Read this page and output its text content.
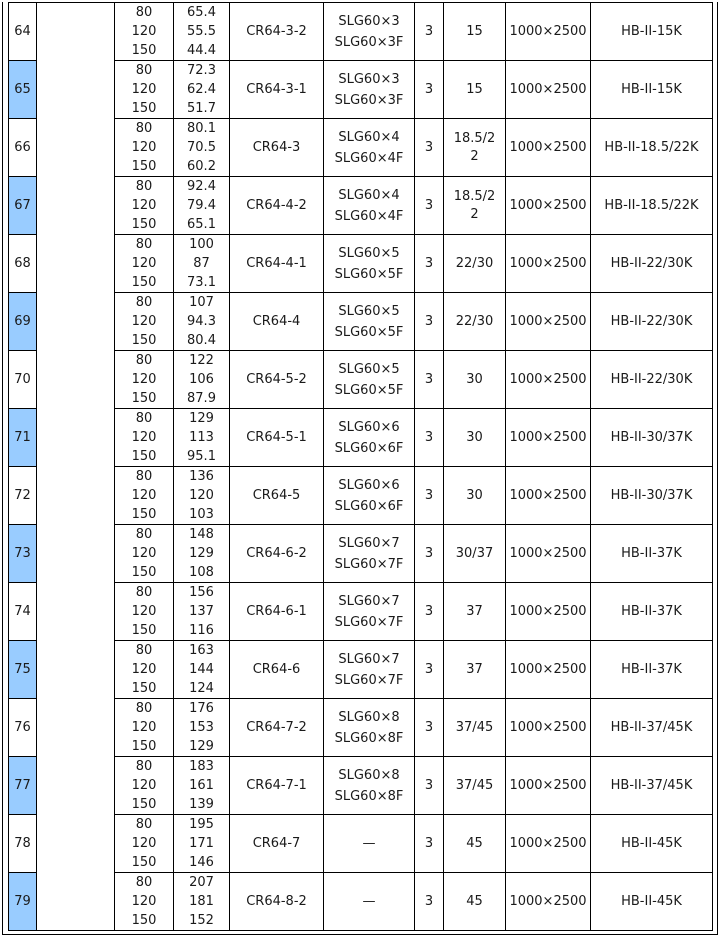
64		80
120
150	65.4
55.5
44.4	CR64-3-2	SLG60×3
SLG60×3F	3	15	1000×2500	HB-II-15K
65		80
120
150	72.3
62.4
51.7	CR64-3-1	SLG60×3
SLG60×3F	3	15	1000×2500	HB-II-15K
66		80
120
150	80.1
70.5
60.2	CR64-3	SLG60×4
SLG60×4F	3	18.5/22	1000×2500	HB-II-18.5/22K
67		80
120
150	92.4
79.4
65.1	CR64-4-2	SLG60×4
SLG60×4F	3	18.5/22	1000×2500	HB-II-18.5/22K
68		80
120
150	100
87
73.1	CR64-4-1	SLG60×5
SLG60×5F	3	22/30	1000×2500	HB-II-22/30K
69		80
120
150	107
94.3
80.4	CR64-4	SLG60×5
SLG60×5F	3	22/30	1000×2500	HB-II-22/30K
70		80
120
150	122
106
87.9	CR64-5-2	SLG60×5
SLG60×5F	3	30	1000×2500	HB-II-22/30K
71		80
120
150	129
113
95.1	CR64-5-1	SLG60×6
SLG60×6F	3	30	1000×2500	HB-II-30/37K
72		80
120
150	136
120
103	CR64-5	SLG60×6
SLG60×6F	3	30	1000×2500	HB-II-30/37K
73		80
120
150	148
129
108	CR64-6-2	SLG60×7
SLG60×7F	3	30/37	1000×2500	HB-II-37K
74		80
120
150	156
137
116	CR64-6-1	SLG60×7
SLG60×7F	3	37	1000×2500	HB-II-37K
75		80
120
150	163
144
124	CR64-6	SLG60×7
SLG60×7F	3	37	1000×2500	HB-II-37K
76		80
120
150	176
153
129	CR64-7-2	SLG60×8
SLG60×8F	3	37/45	1000×2500	HB-II-37/45K
77		80
120
150	183
161
139	CR64-7-1	SLG60×8
SLG60×8F	3	37/45	1000×2500	HB-II-37/45K
78		80
120
150	195
171
146	CR64-7	—	3	45	1000×2500	HB-II-45K
79		80
120
150	207
181
152	CR64-8-2	—	3	45	1000×2500	HB-II-45K
